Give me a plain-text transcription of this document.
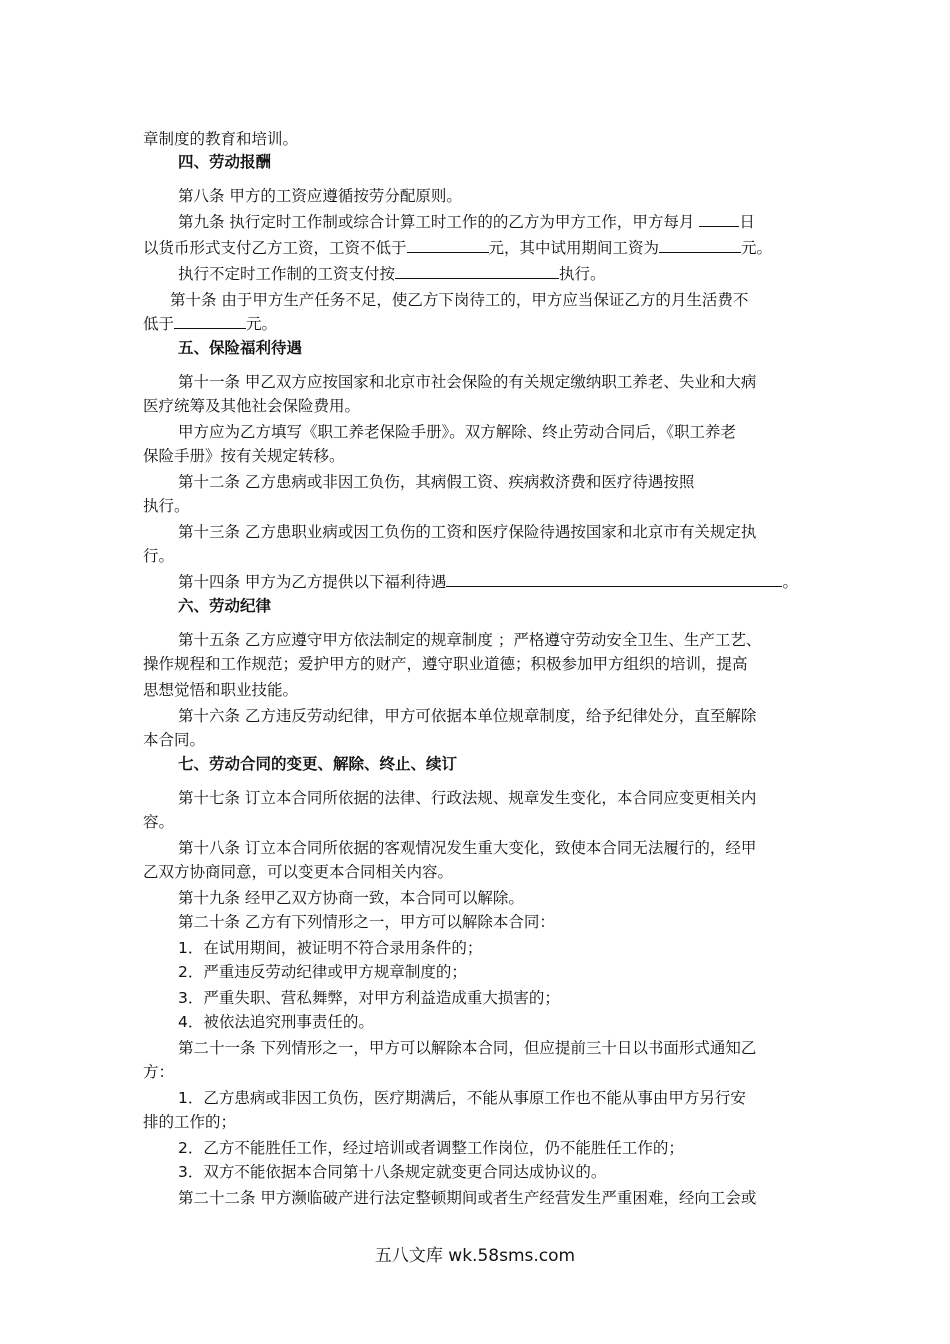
章制度的教育和培训。

四、劳动报酬

第八条 甲方的工资应遵循按劳分配原则。

第九条 执行定时工作制或综合计算工时工作的的乙方为甲方工作，甲方每月	日

以货币形式支付乙方工资，工资不低于	元，其中试用期间工资为	元。

执行不定时工作制的工资支付按	执行。

第十条 由于甲方生产任务不足，使乙方下岗待工的，甲方应当保证乙方的月生活费不

低于	元。

五、保险福利待遇

第十一条 甲乙双方应按国家和北京市社会保险的有关规定缴纳职工养老、失业和大病

医疗统筹及其他社会保险费用。

甲方应为乙方填写《职工养老保险手册》。双方解除、终止劳动合同后，《职工养老

保险手册》按有关规定转移。

第十二条 乙方患病或非因工负伤，其病假工资、疾病救济费和医疗待遇按照

执行。

第十三条 乙方患职业病或因工负伤的工资和医疗保险待遇按国家和北京市有关规定执

行。

第十四条 甲方为乙方提供以下福利待遇	。

六、劳动纪律

第十五条 乙方应遵守甲方依法制定的规章制度 ；严格遵守劳动安全卫生、生产工艺、

操作规程和工作规范；爱护甲方的财产，遵守职业道德；积极参加甲方组织的培训，提高

思想觉悟和职业技能。

第十六条 乙方违反劳动纪律，甲方可依据本单位规章制度，给予纪律处分，直至解除

本合同。

七、劳动合同的变更、解除、终止、续订

第十七条 订立本合同所依据的法律、行政法规、规章发生变化，本合同应变更相关内

容。

第十八条 订立本合同所依据的客观情况发生重大变化，致使本合同无法履行的，经甲

乙双方协商同意，可以变更本合同相关内容。

第十九条 经甲乙双方协商一致，本合同可以解除。

第二十条 乙方有下列情形之一，甲方可以解除本合同：

1．在试用期间，被证明不符合录用条件的；

2．严重违反劳动纪律或甲方规章制度的；

3．严重失职、营私舞弊，对甲方利益造成重大损害的；

4．被依法追究刑事责任的。

第二十一条 下列情形之一，甲方可以解除本合同，但应提前三十日以书面形式通知乙

方：

1．乙方患病或非因工负伤，医疗期满后，不能从事原工作也不能从事由甲方另行安

排的工作的；

2．乙方不能胜任工作，经过培训或者调整工作岗位，仍不能胜任工作的；

3．双方不能依据本合同第十八条规定就变更合同达成协议的。

第二十二条 甲方濒临破产进行法定整顿期间或者生产经营发生严重困难，经向工会或

五八文库 wk.58sms.com
